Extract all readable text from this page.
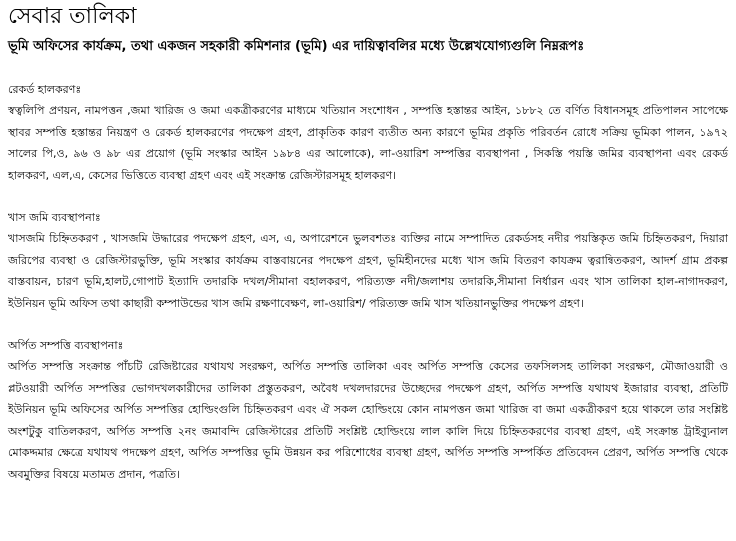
সেবার তালিকা

ভূমি অফিসের কার্যক্রম, তথা একজন সহকারী কমিশনার (ভূমি) এর দায়িত্বাবলির মধ্যে উল্লেখযোগ্যগুলি নিম্নরূপঃ

রেকর্ড হালকরণঃ

স্বত্বলিপি প্রণয়ন, নামপত্তন ,জমা খারিজ ও জমা একত্রীকরণের মাধ্যমে খতিয়ান সংশোধন , সম্পত্তি হস্তান্তর আইন, ১৮৮২ তে বর্ণিত বিধানসমূহ প্রতিপালন সাপেক্ষে স্থাবর সম্পত্তি হস্তান্তর নিয়ন্ত্রণ ও রেকর্ড হালকরণের পদক্ষেপ গ্রহণ, প্রাকৃতিক কারণ ব্যতীত অন্য কারণে ভূমির প্রকৃতি পরিবর্তন রোধে সক্রিয় ভূমিকা পালন, ১৯৭২ সালের পি,ও, ৯৬ ও ৯৮ এর প্রয়োগ (ভূমি সংস্কার আইন ১৯৮৪ এর আলোকে), লা-ওয়ারিশ সম্পত্তির ব্যবস্থাপনা , সিকস্তি পয়স্তি জমির ব্যবস্থাপনা এবং রেকর্ড হালকরণ, এল,এ, কেসের ভিত্তিতে ব্যবস্থা গ্রহণ এবং এই সংক্রান্ত রেজিস্টারসমূহ হালকরণ।

খাস জমি ব্যবস্থাপনাঃ

খাসজমি চিহ্নিতকরণ , খাসজমি উদ্ধারের পদক্ষেপ গ্রহণ, এস, এ, অপারেশনে ভুলবশতঃ ব্যক্তির নামে সম্পাদিত রেকর্ডসহ নদীর পয়স্তিকৃত জমি চিহ্নিতকরণ, দিয়ারা জরিপের ব্যবস্থা ও রেজিস্টারভুক্তি, ভূমি সংস্কার কার্যক্রম বাস্তবায়নের পদক্ষেপ গ্রহণ, ভূমিহীনদের মধ্যে খাস জমি বিতরণ কাযক্রম ত্বরান্বিতকরণ, আদর্শ গ্রাম প্রকল্প বাস্তবায়ন, চারণ ভূমি,হালট,গোপাট ইত্যাদি তদারকি দখল/সীমানা বহালকরণ, পরিত্যক্ত নদী/জলাশয় তদারকি,সীমানা নির্ধারন এবং খাস তালিকা হাল-নাগাদকরণ, ইউনিয়ন ভূমি অফিস তথা কাছারী কম্পাউন্ডের খাস জমি রক্ষণাবেক্ষণ, লা-ওয়ারিশ/ পরিত্যক্ত জমি খাস খতিয়ানভুক্তির পদক্ষেপ গ্রহণ।

অর্পিত সম্পত্তি ব্যবস্থাপনাঃ

অর্পিত সম্পত্তি সংক্রান্ত পাঁচটি রেজিষ্টারের যথাযথ সংরক্ষণ, অর্পিত সম্পত্তি তালিকা এবং অর্পিত সম্পত্তি কেসের তফসিলসহ তালিকা সংরক্ষণ, মৌজাওয়ারী ও প্লটওয়ারী অর্পিত সম্পত্তির ভোগদখলকারীদের তালিকা প্রস্তুতকরণ, অবৈধ দখলদারদের উচ্ছেদের পদক্ষেপ গ্রহণ, অর্পিত সম্পত্তি যথাযথ ইজারার ব্যবস্থা, প্রতিটি ইউনিয়ন ভূমি অফিসের অর্পিত সম্পত্তির হোল্ডিংগুলি চিহ্নিতকরণ এবং ঐ সকল হোল্ডিংয়ে কোন নামপত্তন জমা খারিজ বা জমা একত্রীকরণ হয়ে থাকলে তার সংশ্লিষ্ট অংশটুকু বাতিলকরণ, অর্পিত সম্পত্তি ২নং জমাবন্দি রেজিস্টারের প্রতিটি সংশ্লিষ্ট হোল্ডিংয়ে লাল কালি দিয়ে চিহ্নিতকরণের ব্যবস্থা গ্রহণ, এই সংক্রান্ত ট্রাইব্যুনাল মোকদ্দমার ক্ষেত্রে যথাযথ পদক্ষেপ গ্রহণ, অর্পিত সম্পত্তির ভূমি উন্নয়ন কর পরিশোধের ব্যবস্থা গ্রহণ, অর্পিত সম্পত্তি সম্পর্কিত প্রতিবেদন প্রেরণ, অর্পিত সম্পত্তি থেকে অবমুক্তির বিষয়ে মতামত প্রদান, পত্রতি।
